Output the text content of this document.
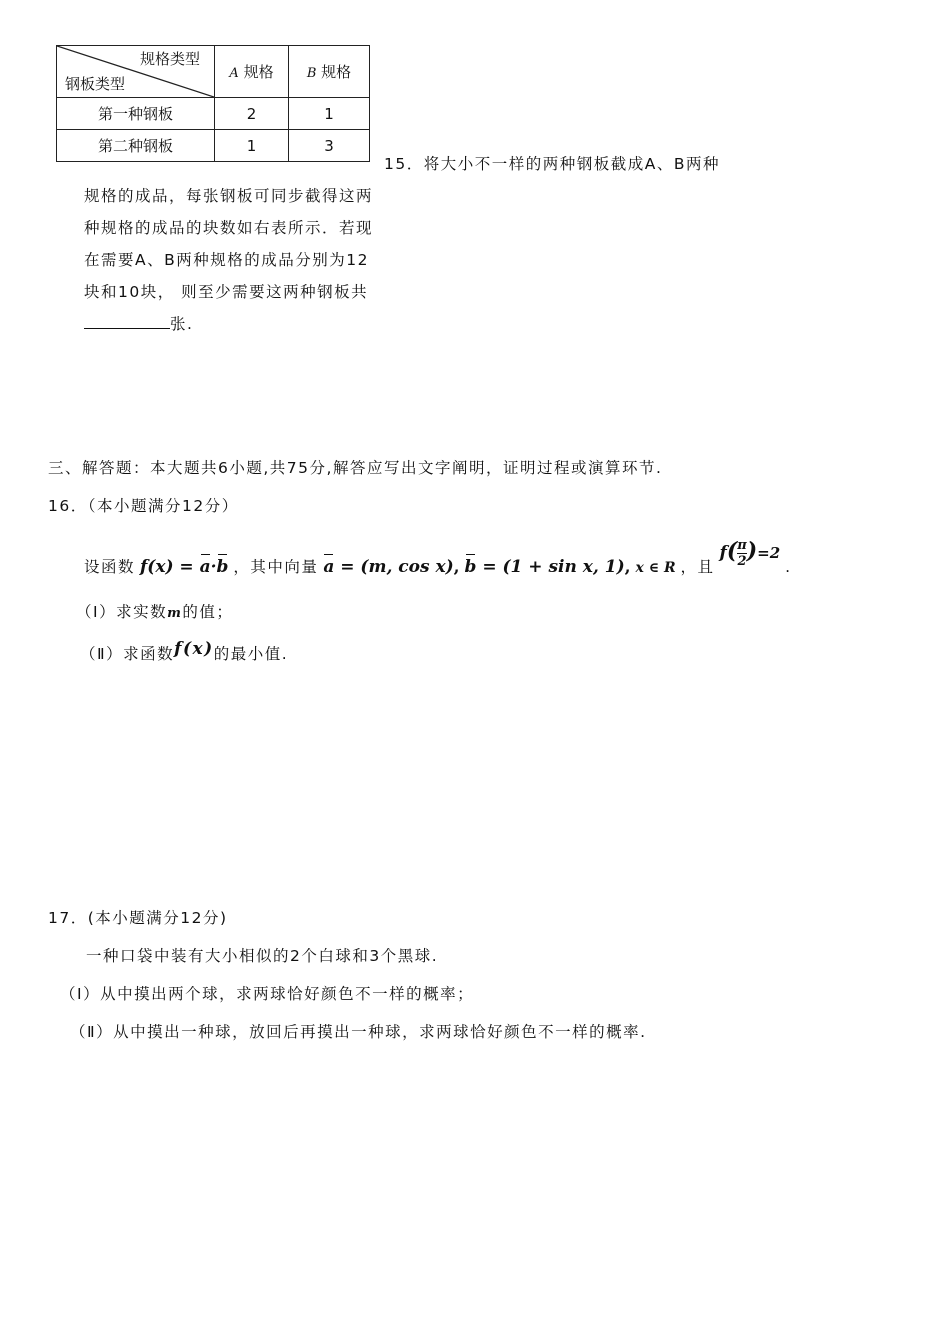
规格类型
钢板类型	A 规格	B 规格
第一种钢板	2	1
第二种钢板	1	3
15．将大小不一样的两种钢板截成A、B两种
规格的成品，每张钢板可同步截得这两
种规格的成品的块数如右表所示．若现
在需要A、B两种规格的成品分别为12
块和10块， 则至少需要这两种钢板共
张.
三、解答题：本大题共6小题,共75分,解答应写出文字阐明，证明过程或演算环节.
16．（本小题满分12分）
设函数 f(x) = a·b ，其中向量 a = (m, cos x), b = (1 + sin x, 1), x ∈ R ，且 $f( \frac{\pi}{2} )=2$ .
（Ⅰ）求实数m的值；
（Ⅱ）求函数f(x)的最小值.
17．(本小题满分12分)
一种口袋中装有大小相似的2个白球和3个黑球.
（Ⅰ）从中摸出两个球，求两球恰好颜色不一样的概率；
（Ⅱ）从中摸出一种球，放回后再摸出一种球，求两球恰好颜色不一样的概率.
